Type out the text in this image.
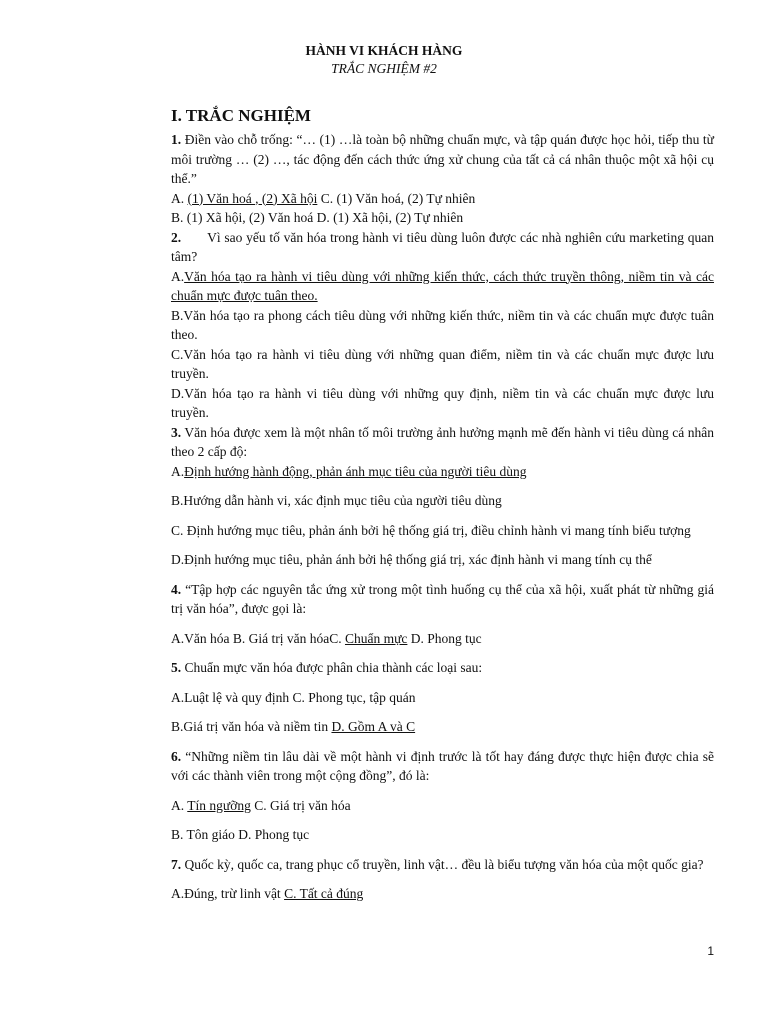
HÀNH VI KHÁCH HÀNG
TRẮC NGHIỆM #2
I. TRẮC NGHIỆM

1. Điền vào chỗ trống: “… (1) …là toàn bộ những chuẩn mực, và tập quán được học hỏi, tiếp thu từ môi trường … (2) …, tác động đến cách thức ứng xử chung của tất cả cá nhân thuộc một xã hội cụ thể.”

A. (1) Văn hoá , (2) Xã hội C. (1) Văn hoá, (2) Tự nhiên

B. (1) Xã hội, (2) Văn hoá D. (1) Xã hội, (2) Tự nhiên

2. Vì sao yếu tố văn hóa trong hành vi tiêu dùng luôn được các nhà nghiên cứu marketing quan tâm?

A.Văn hóa tạo ra hành vi tiêu dùng với những kiến thức, cách thức truyền thông, niềm tin và các chuẩn mực được tuân theo.

B.Văn hóa tạo ra phong cách tiêu dùng với những kiến thức, niềm tin và các chuẩn mực được tuân theo.

C.Văn hóa tạo ra hành vi tiêu dùng với những quan điểm, niềm tin và các chuẩn mực được lưu truyền.

D.Văn hóa tạo ra hành vi tiêu dùng với những quy định, niềm tin và các chuẩn mực được lưu truyền.

3. Văn hóa được xem là một nhân tố môi trường ảnh hưởng mạnh mẽ đến hành vi tiêu dùng cá nhân theo 2 cấp độ:

A.Định hướng hành động, phản ánh mục tiêu của người tiêu dùng

B.Hướng dẫn hành vi, xác định mục tiêu của người tiêu dùng

C. Định hướng mục tiêu, phản ánh bởi hệ thống giá trị, điều chỉnh hành vi mang tính biểu tượng

D.Định hướng mục tiêu, phản ánh bởi hệ thống giá trị, xác định hành vi mang tính cụ thể

4. “Tập hợp các nguyên tắc ứng xử trong một tình huống cụ thể của xã hội, xuất phát từ những giá trị văn hóa”, được gọi là:

A.Văn hóa B. Giá trị văn hóaC. Chuẩn mực D. Phong tục

5. Chuẩn mực văn hóa được phân chia thành các loại sau:

A.Luật lệ và quy định C. Phong tục, tập quán

B.Giá trị văn hóa và niềm tin D. Gồm A và C

6. “Những niềm tin lâu dài về một hành vi định trước là tốt hay đáng được thực hiện được chia sẽ với các thành viên trong một cộng đồng”, đó là:

A. Tín ngưỡng C. Giá trị văn hóa

B. Tôn giáo D. Phong tục

7. Quốc kỳ, quốc ca, trang phục cổ truyền, linh vật… đều là biểu tượng văn hóa của một quốc gia?

A.Đúng, trừ linh vật C. Tất cả đúng

1
